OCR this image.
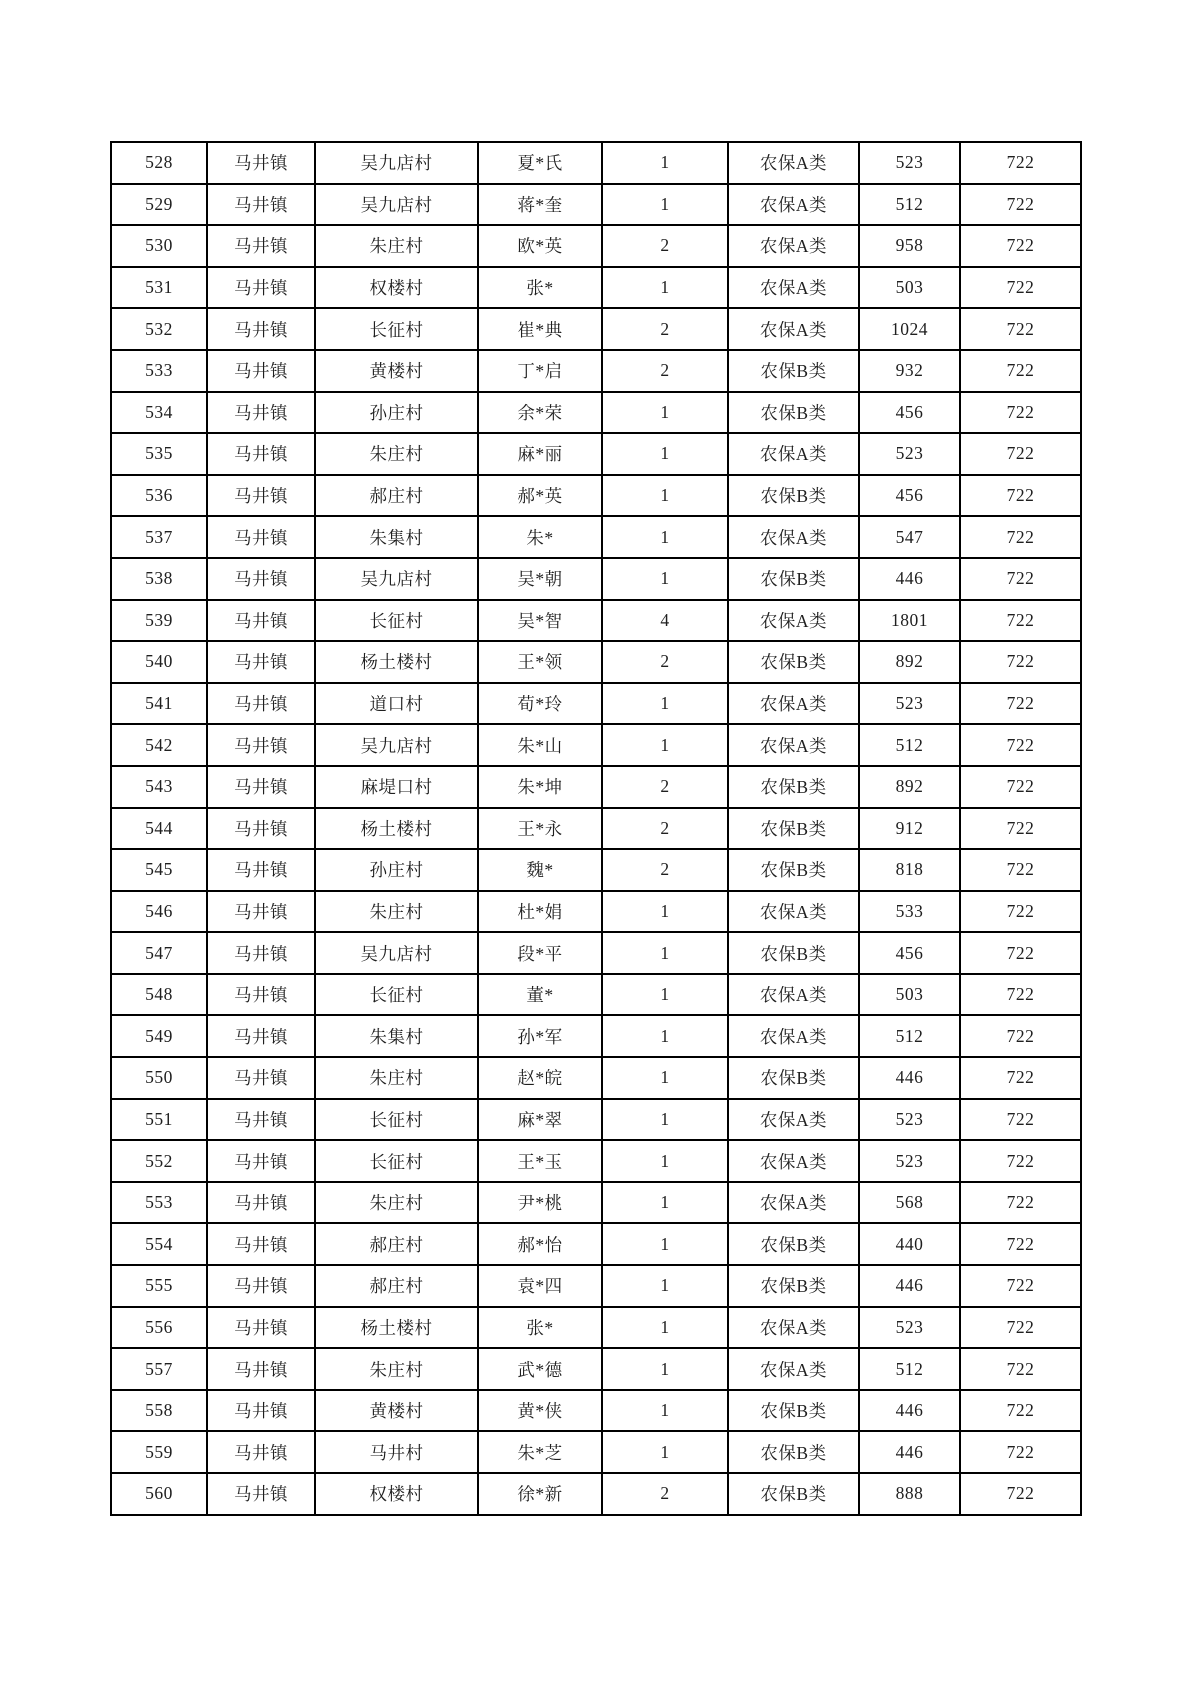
528	马井镇	吴九店村	夏*氏	1	农保A类	523	722
529	马井镇	吴九店村	蒋*奎	1	农保A类	512	722
530	马井镇	朱庄村	欧*英	2	农保A类	958	722
531	马井镇	权楼村	张*	1	农保A类	503	722
532	马井镇	长征村	崔*典	2	农保A类	1024	722
533	马井镇	黄楼村	丁*启	2	农保B类	932	722
534	马井镇	孙庄村	余*荣	1	农保B类	456	722
535	马井镇	朱庄村	麻*丽	1	农保A类	523	722
536	马井镇	郝庄村	郝*英	1	农保B类	456	722
537	马井镇	朱集村	朱*	1	农保A类	547	722
538	马井镇	吴九店村	吴*朝	1	农保B类	446	722
539	马井镇	长征村	吴*智	4	农保A类	1801	722
540	马井镇	杨土楼村	王*领	2	农保B类	892	722
541	马井镇	道口村	荀*玲	1	农保A类	523	722
542	马井镇	吴九店村	朱*山	1	农保A类	512	722
543	马井镇	麻堤口村	朱*坤	2	农保B类	892	722
544	马井镇	杨土楼村	王*永	2	农保B类	912	722
545	马井镇	孙庄村	魏*	2	农保B类	818	722
546	马井镇	朱庄村	杜*娟	1	农保A类	533	722
547	马井镇	吴九店村	段*平	1	农保B类	456	722
548	马井镇	长征村	董*	1	农保A类	503	722
549	马井镇	朱集村	孙*军	1	农保A类	512	722
550	马井镇	朱庄村	赵*皖	1	农保B类	446	722
551	马井镇	长征村	麻*翠	1	农保A类	523	722
552	马井镇	长征村	王*玉	1	农保A类	523	722
553	马井镇	朱庄村	尹*桃	1	农保A类	568	722
554	马井镇	郝庄村	郝*怡	1	农保B类	440	722
555	马井镇	郝庄村	袁*四	1	农保B类	446	722
556	马井镇	杨土楼村	张*	1	农保A类	523	722
557	马井镇	朱庄村	武*德	1	农保A类	512	722
558	马井镇	黄楼村	黄*侠	1	农保B类	446	722
559	马井镇	马井村	朱*芝	1	农保B类	446	722
560	马井镇	权楼村	徐*新	2	农保B类	888	722
